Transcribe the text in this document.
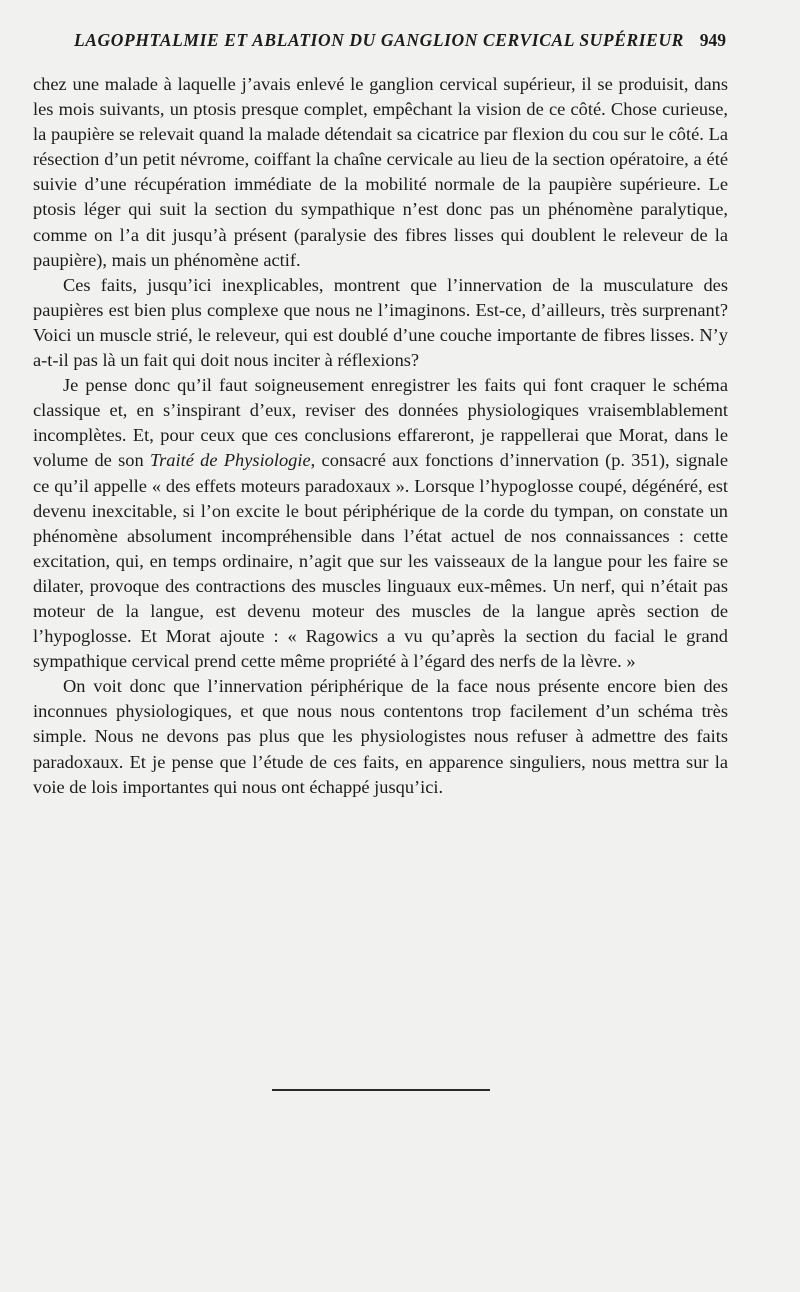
LAGOPHTALMIE ET ABLATION DU GANGLION CERVICAL SUPÉRIEUR 949

chez une malade à laquelle j’avais enlevé le ganglion cervical supérieur, il se produisit, dans les mois suivants, un ptosis presque complet, empêchant la vision de ce côté. Chose curieuse, la paupière se relevait quand la malade détendait sa cicatrice par flexion du cou sur le côté. La résection d’un petit névrome, coiffant la chaîne cervicale au lieu de la section opératoire, a été suivie d’une récupération immédiate de la mobilité normale de la paupière supérieure. Le ptosis léger qui suit la section du sympathique n’est donc pas un phénomène paralytique, comme on l’a dit jusqu’à présent (paralysie des fibres lisses qui doublent le releveur de la paupière), mais un phénomène actif.

Ces faits, jusqu’ici inexplicables, montrent que l’innervation de la musculature des paupières est bien plus complexe que nous ne l’imaginons. Est-ce, d’ailleurs, très surprenant? Voici un muscle strié, le releveur, qui est doublé d’une couche importante de fibres lisses. N’y a-t-il pas là un fait qui doit nous inciter à réflexions?

Je pense donc qu’il faut soigneusement enregistrer les faits qui font craquer le schéma classique et, en s’inspirant d’eux, reviser des données physiologiques vraisemblablement incomplètes. Et, pour ceux que ces conclusions effareront, je rappellerai que Morat, dans le volume de son Traité de Physiologie, consacré aux fonctions d’innervation (p. 351), signale ce qu’il appelle « des effets moteurs paradoxaux ». Lorsque l’hypoglosse coupé, dégénéré, est devenu inexcitable, si l’on excite le bout périphérique de la corde du tympan, on constate un phénomène absolument incompréhensible dans l’état actuel de nos connaissances : cette excitation, qui, en temps ordinaire, n’agit que sur les vaisseaux de la langue pour les faire se dilater, provoque des contractions des muscles linguaux eux-mêmes. Un nerf, qui n’était pas moteur de la langue, est devenu moteur des muscles de la langue après section de l’hypoglosse. Et Morat ajoute : « Ragowics a vu qu’après la section du facial le grand sympathique cervical prend cette même propriété à l’égard des nerfs de la lèvre. »

On voit donc que l’innervation périphérique de la face nous présente encore bien des inconnues physiologiques, et que nous nous contentons trop facilement d’un schéma très simple. Nous ne devons pas plus que les physiologistes nous refuser à admettre des faits paradoxaux. Et je pense que l’étude de ces faits, en apparence singuliers, nous mettra sur la voie de lois importantes qui nous ont échappé jusqu’ici.
